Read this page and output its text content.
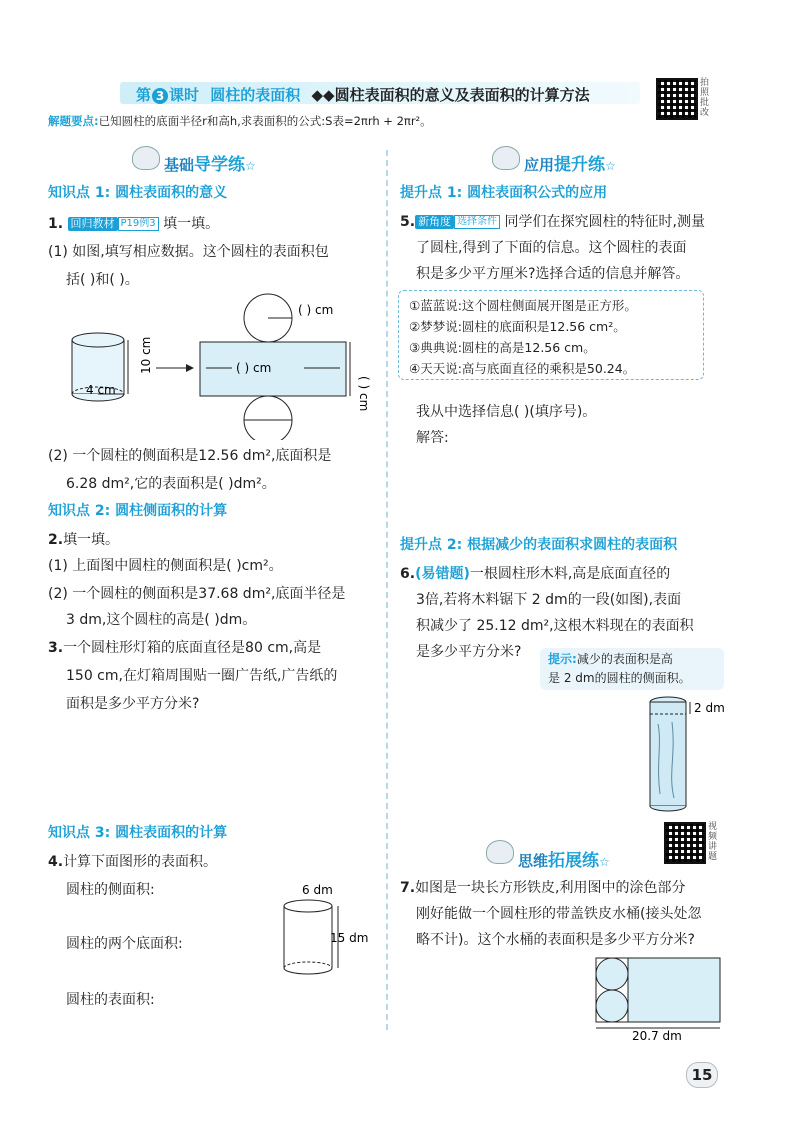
第 3 课时 圆柱的表面积 ◆◆圆柱表面积的意义及表面积的计算方法
拍照批改
解题要点:已知圆柱的底面半径r和高h,求表面积的公式:S表=2πrh + 2πr²。
基础导学练☆
知识点 1: 圆柱表面积的意义
1. 回归教材 P19例3 填一填。
(1) 如图,填写相应数据。这个圆柱的表面积包
括( )和( )。
10 cm
4 cm
( ) cm
( ) cm
( ) cm
(2) 一个圆柱的侧面积是12.56 dm²,底面积是
6.28 dm²,它的表面积是( )dm²。
知识点 2: 圆柱侧面积的计算
2.填一填。
(1) 上面图中圆柱的侧面积是( )cm²。
(2) 一个圆柱的侧面积是37.68 dm²,底面半径是
3 dm,这个圆柱的高是( )dm。
3.一个圆柱形灯箱的底面直径是80 cm,高是
150 cm,在灯箱周围贴一圈广告纸,广告纸的
面积是多少平方分米?
知识点 3: 圆柱表面积的计算
4.计算下面图形的表面积。
圆柱的侧面积:
圆柱的两个底面积:
圆柱的表面积:
6 dm
15 dm
应用提升练☆
提升点 1: 圆柱表面积公式的应用
5. 新角度 选择条件 同学们在探究圆柱的特征时,测量
了圆柱,得到了下面的信息。这个圆柱的表面
积是多少平方厘米?选择合适的信息并解答。
①蓝蓝说:这个圆柱侧面展开图是正方形。
②梦梦说:圆柱的底面积是12.56 cm²。
③典典说:圆柱的高是12.56 cm。
④天天说:高与底面直径的乘积是50.24。
我从中选择信息( )(填序号)。
解答:
提升点 2: 根据减少的表面积求圆柱的表面积
6.(易错题)一根圆柱形木料,高是底面直径的
3倍,若将木料锯下 2 dm的一段(如图),表面
积减少了 25.12 dm²,这根木料现在的表面积
是多少平方分米? 提示:减少的表面积是高
是 2 dm的圆柱的侧面积。
2 dm
思维拓展练☆
视频讲题
7.如图是一块长方形铁皮,利用图中的涂色部分
刚好能做一个圆柱形的带盖铁皮水桶(接头处忽
略不计)。这个水桶的表面积是多少平方分米?
20.7 dm
15
